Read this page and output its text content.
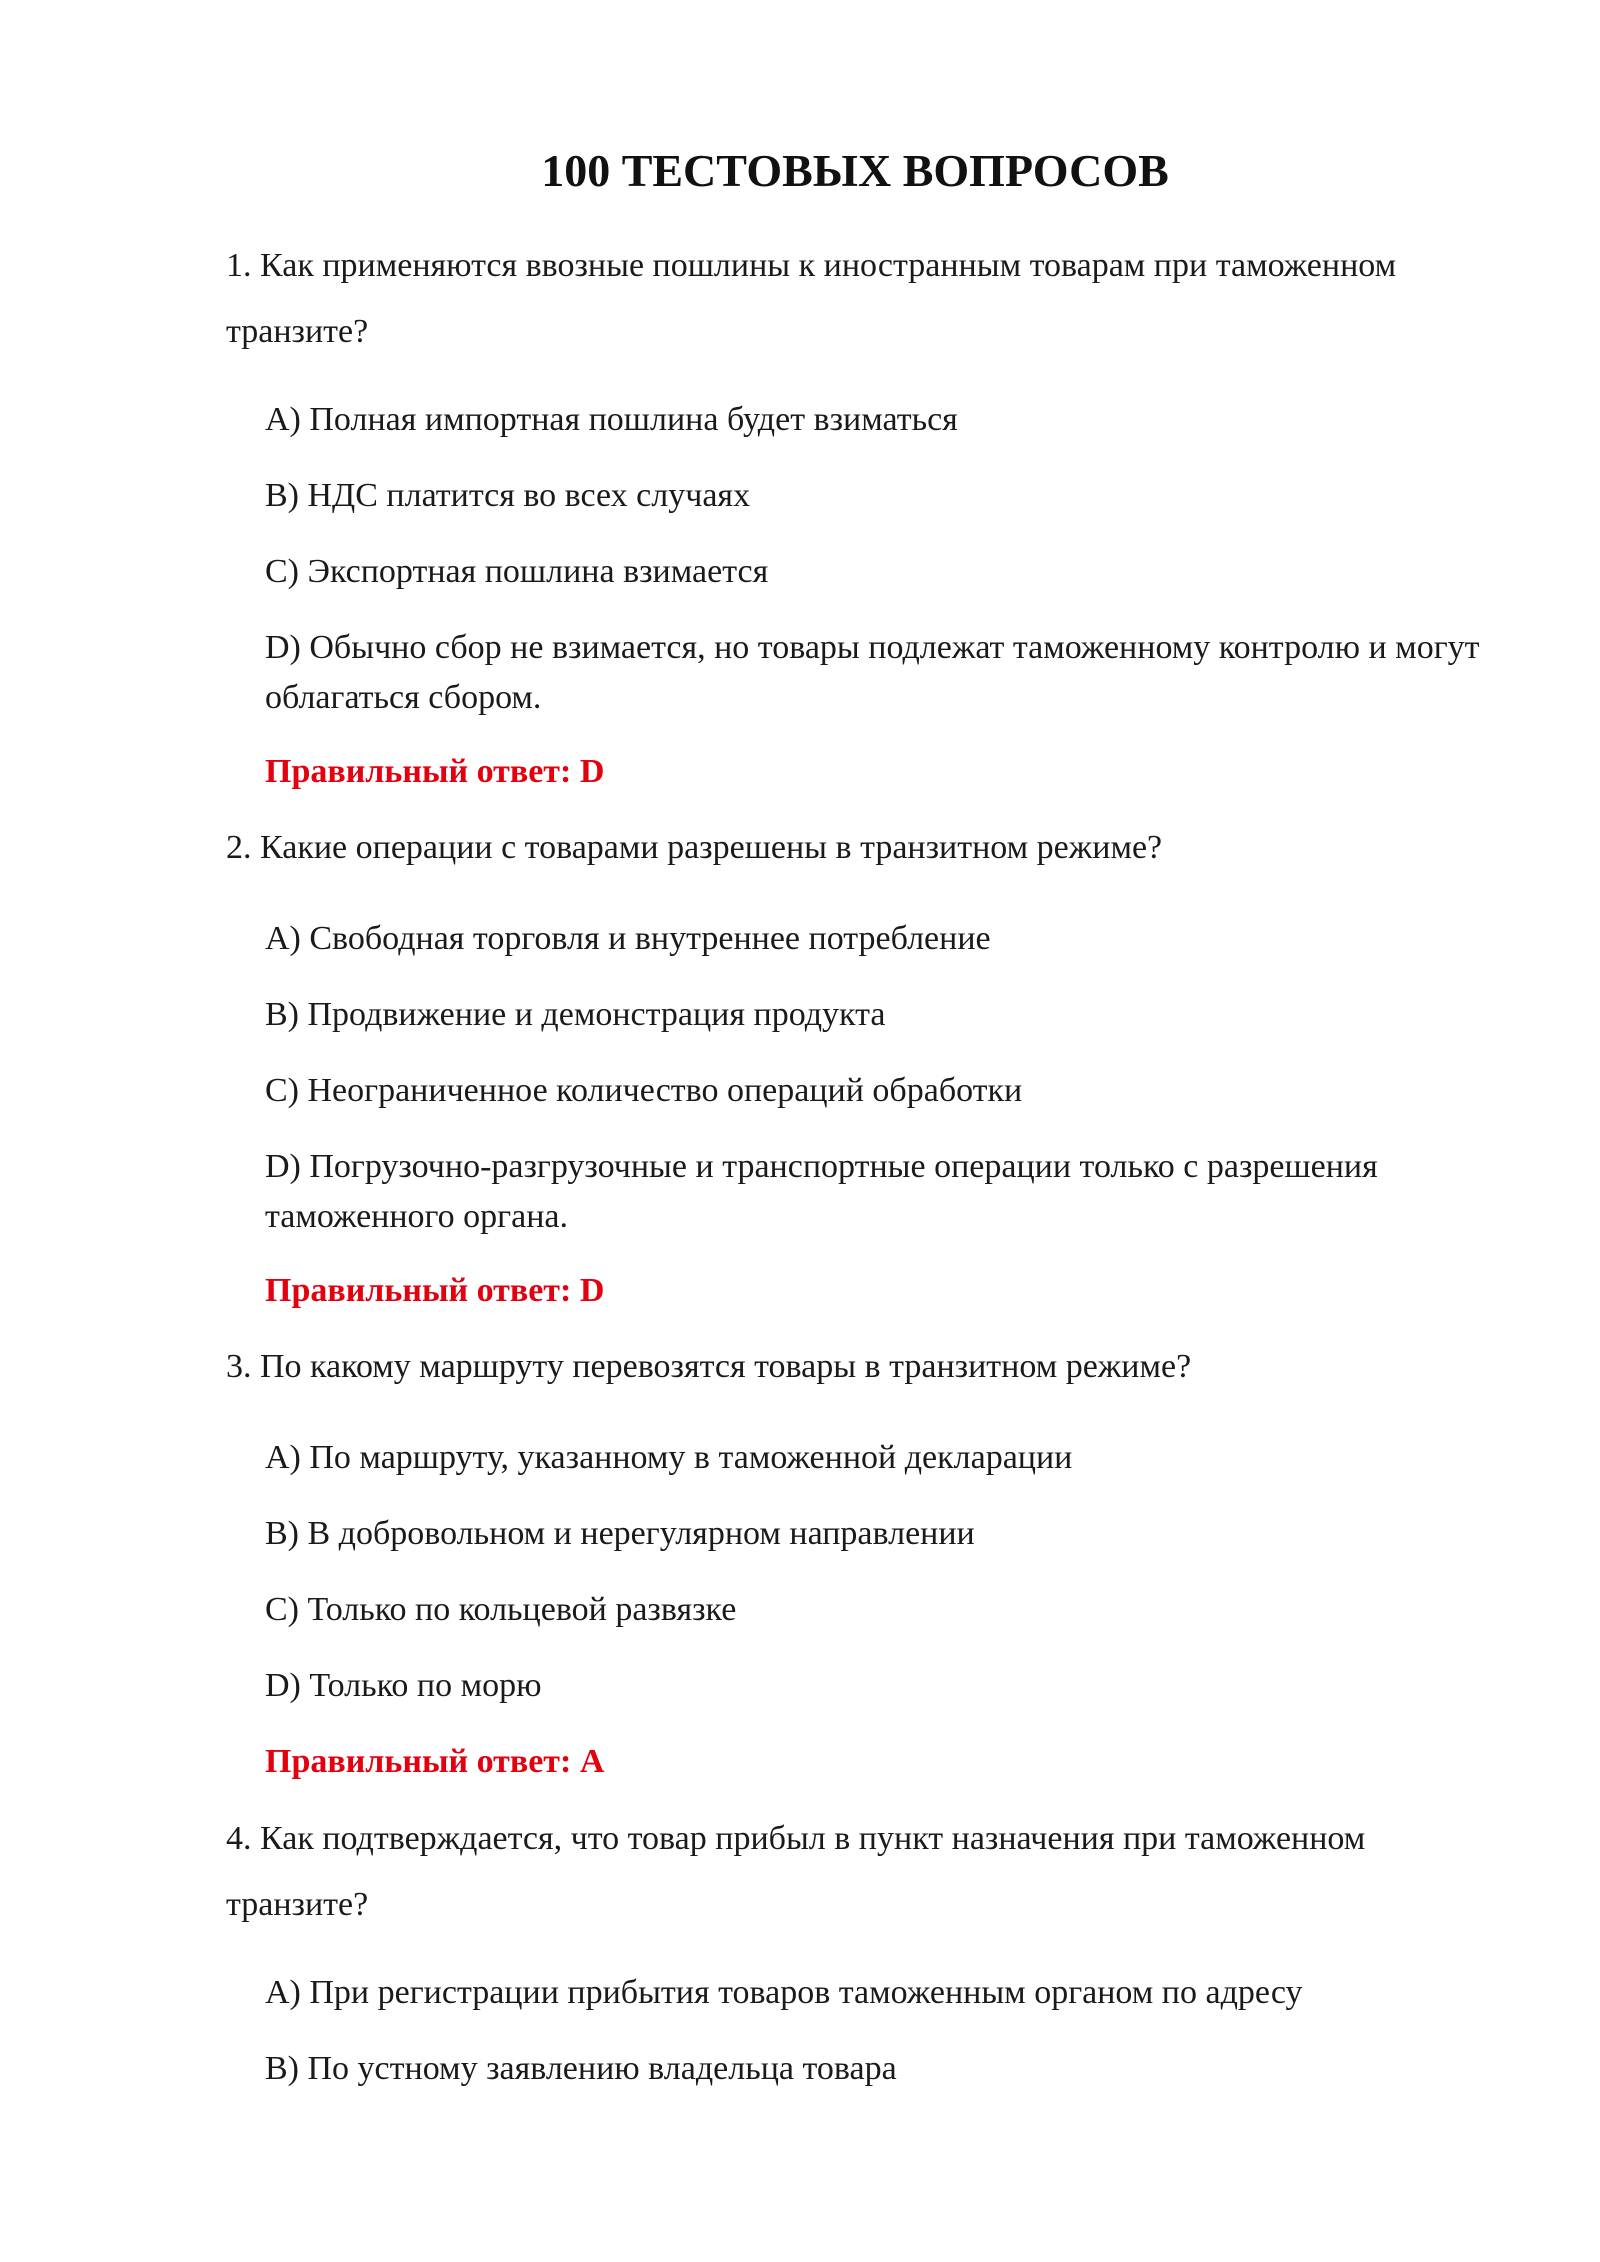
100 ТЕСТОВЫХ ВОПРОСОВ
1. Как применяются ввозные пошлины к иностранным товарам при таможенном транзите?
A) Полная импортная пошлина будет взиматься
B) НДС платится во всех случаях
C) Экспортная пошлина взимается
D) Обычно сбор не взимается, но товары подлежат таможенному контролю и могут облагаться сбором.
Правильный ответ: D
2. Какие операции с товарами разрешены в транзитном режиме?
A) Свободная торговля и внутреннее потребление
B) Продвижение и демонстрация продукта
C) Неограниченное количество операций обработки
D) Погрузочно-разгрузочные и транспортные операции только с разрешения таможенного органа.
Правильный ответ: D
3. По какому маршруту перевозятся товары в транзитном режиме?
A) По маршруту, указанному в таможенной декларации
B) В добровольном и нерегулярном направлении
C) Только по кольцевой развязке
D) Только по морю
Правильный ответ: A
4. Как подтверждается, что товар прибыл в пункт назначения при таможенном транзите?
A) При регистрации прибытия товаров таможенным органом по адресу
B) По устному заявлению владельца товара
